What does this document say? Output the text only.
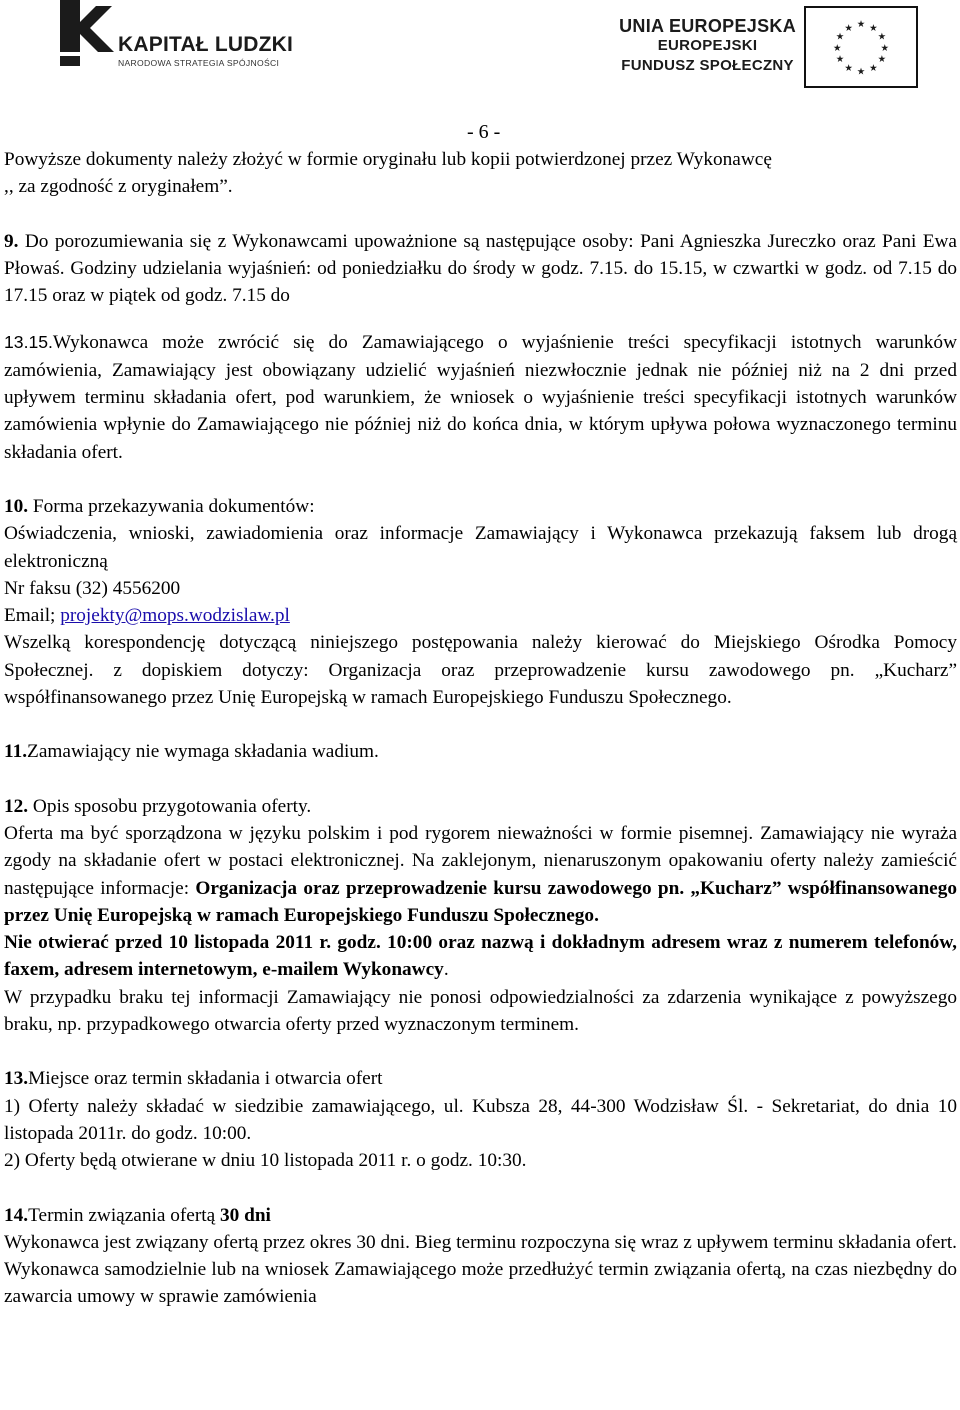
KAPITAŁ LUDZKI
NARODOWA STRATEGIA SPÓJNOŚCI
UNIA EUROPEJSKA
EUROPEJSKI
FUNDUSZ SPOŁECZNY
★ ★
★
★
★
★
★
★
★
★
★
★
- 6 -

Powyższe dokumenty należy złożyć w formie oryginału lub kopii potwierdzonej przez Wykonawcę

,, za zgodność z oryginałem”.

9. Do porozumiewania się z Wykonawcami upoważnione są następujące osoby: Pani Agnieszka Jureczko oraz Pani Ewa Płowaś. Godziny udzielania wyjaśnień: od poniedziałku do środy w godz. 7.15. do 15.15, w czwartki w godz. od 7.15 do 17.15 oraz w piątek od godz. 7.15 do

13.15.Wykonawca może zwrócić się do Zamawiającego o wyjaśnienie treści specyfikacji istotnych warunków zamówienia, Zamawiający jest obowiązany udzielić wyjaśnień niezwłocznie jednak nie później niż na 2 dni przed upływem terminu składania ofert, pod warunkiem, że wniosek o wyjaśnienie treści specyfikacji istotnych warunków zamówienia wpłynie do Zamawiającego nie później niż do końca dnia, w którym upływa połowa wyznaczonego terminu składania ofert.

10. Forma przekazywania dokumentów:

Oświadczenia, wnioski, zawiadomienia oraz informacje Zamawiający i Wykonawca przekazują faksem lub drogą elektroniczną

Nr faksu (32) 4556200

Email; projekty@mops.wodzislaw.pl

Wszelką korespondencję dotyczącą niniejszego postępowania należy kierować do Miejskiego Ośrodka Pomocy Społecznej. z dopiskiem dotyczy: Organizacja oraz przeprowadzenie kursu zawodowego pn. „Kucharz” współfinansowanego przez Unię Europejską w ramach Europejskiego Funduszu Społecznego.

11.Zamawiający nie wymaga składania wadium.

12. Opis sposobu przygotowania oferty.

Oferta ma być sporządzona w języku polskim i pod rygorem nieważności w formie pisemnej. Zamawiający nie wyraża zgody na składanie ofert w postaci elektronicznej. Na zaklejonym, nienaruszonym opakowaniu oferty należy zamieścić następujące informacje: Organizacja oraz przeprowadzenie kursu zawodowego pn. „Kucharz” współfinansowanego przez Unię Europejską w ramach Europejskiego Funduszu Społecznego.

Nie otwierać przed 10 listopada 2011 r. godz. 10:00 oraz nazwą i dokładnym adresem wraz z numerem telefonów, faxem, adresem internetowym, e-mailem Wykonawcy.

W przypadku braku tej informacji Zamawiający nie ponosi odpowiedzialności za zdarzenia wynikające z powyższego braku, np. przypadkowego otwarcia oferty przed wyznaczonym terminem.

13.Miejsce oraz termin składania i otwarcia ofert

1) Oferty należy składać w siedzibie zamawiającego, ul. Kubsza 28, 44-300 Wodzisław Śl. - Sekretariat, do dnia 10 listopada 2011r. do godz. 10:00.

2) Oferty będą otwierane w dniu 10 listopada 2011 r. o godz. 10:30.

14.Termin związania ofertą 30 dni

Wykonawca jest związany ofertą przez okres 30 dni. Bieg terminu rozpoczyna się wraz z upływem terminu składania ofert. Wykonawca samodzielnie lub na wniosek Zamawiającego może przedłużyć termin związania ofertą, na czas niezbędny do zawarcia umowy w sprawie zamówienia
